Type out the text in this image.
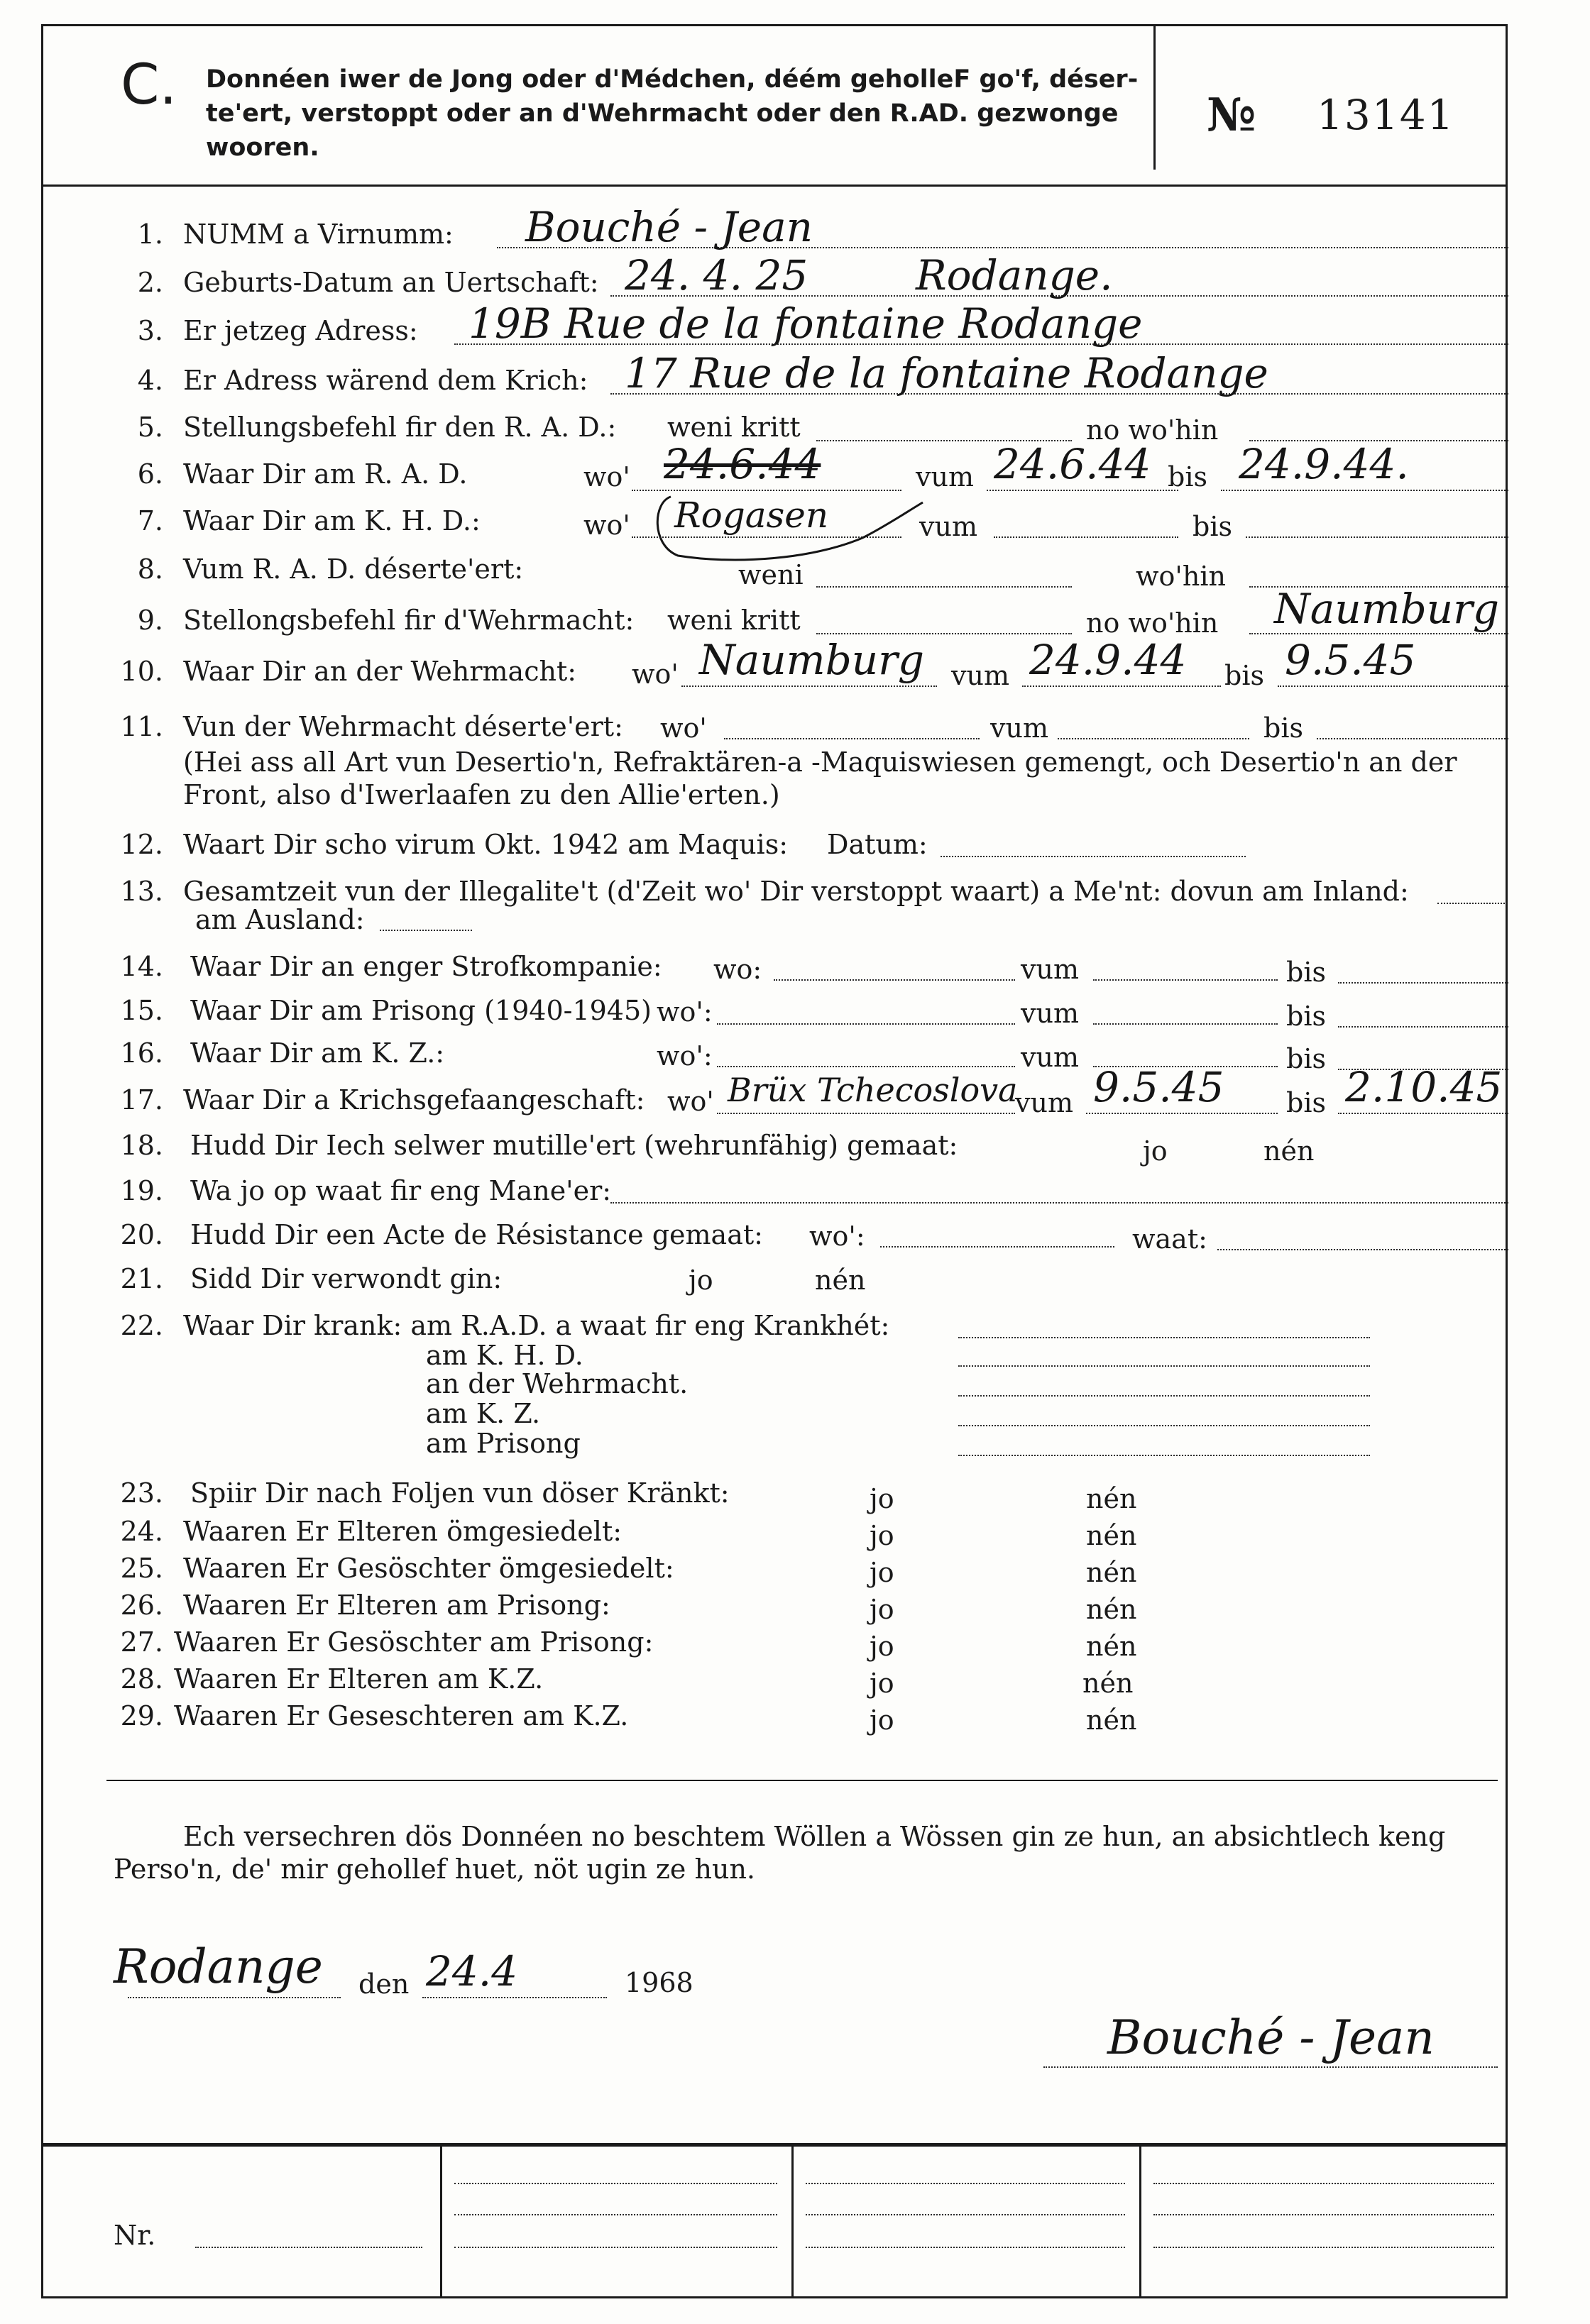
C. Donnéen iwer de Jong oder d'Médchen, déém geholleF go'f, déser-
te'ert, verstoppt oder an d'Wehrmacht oder den R.AD. gezwonge
wooren.
№ 13141
1. NUMM a Virnumm: Bouché - Jean
2. Geburts-Datum an Uertschaft: 24. 4. 25	Rodange.
3. Er jetzeg Adress: 19B Rue de la fontaine Rodange
4. Er Adress wärend dem Krich: 17 Rue de la fontaine Rodange
5. Stellungsbefehl fir den R. A. D.: weni kritt	no wo'hin
6. Waar Dir am R. A. D.	wo' 24.6.44	vum 24.6.44 bis 24.9.44.
7. Waar Dir am K. H. D.:	wo' Rogasen	vum	bis
8. Vum R. A. D. déserte'ert:	weni	wo'hin
9. Stellongsbefehl fir d'Wehrmacht: weni kritt	no wo'hin Naumburg
10. Waar Dir an der Wehrmacht: wo' Naumburg vum 24.9.44 bis 9.5.45
11. Vun der Wehrmacht déserte'ert: wo'	vum	bis
(Hei ass all Art vun Desertio'n, Refraktären-a -Maquiswiesen gemengt, och Desertio'n an der
Front, also d'Iwerlaafen zu den Allie'erten.)
12. Waart Dir scho virum Okt. 1942 am Maquis: Datum:
13. Gesamtzeit vun der Illegalite't (d'Zeit wo' Dir verstoppt waart) a Me'nt: dovun am Inland:
am Ausland:
14. Waar Dir an enger Strofkompanie: wo:	vum	bis
15. Waar Dir am Prisong (1940-1945) wo':	vum	bis
16. Waar Dir am K. Z.:	wo':	vum	bis
17. Waar Dir a Krichsgefaangeschaft: wo' Brüx Tchecoslova
vum 9.5.45 bis 2.10.45
18. Hudd Dir Iech selwer mutille'ert (wehrunfähig) gemaat:	jo	nén
19. Wa jo op waat fir eng Mane'er:
20. Hudd Dir een Acte de Résistance gemaat: wo':	waat:
21. Sidd Dir verwondt gin:	jo	nén
22. Waar Dir krank: am R.A.D. a waat fir eng Krankhét:
am K. H. D.
an der Wehrmacht.
am K. Z.
am Prisong
23. Spiir Dir nach Foljen vun döser Kränkt:	jo	nén
24. Waaren Er Elteren ömgesiedelt:	jo	nén
25. Waaren Er Gesöschter ömgesiedelt:	jo	nén
26. Waaren Er Elteren am Prisong:	jo	nén
27. Waaren Er Gesöschter am Prisong:	jo	nén
28. Waaren Er Elteren am K.Z.	jo	nén
29. Waaren Er Geseschteren am K.Z.	jo	nén
Ech versechren dös Donnéen no beschtem Wöllen a Wössen gin ze hun, an absichtlech keng
Perso'n, de' mir gehollef huet, nöt ugin ze hun.
Rodange den 24.4	1968
Bouché - Jean
Nr.
